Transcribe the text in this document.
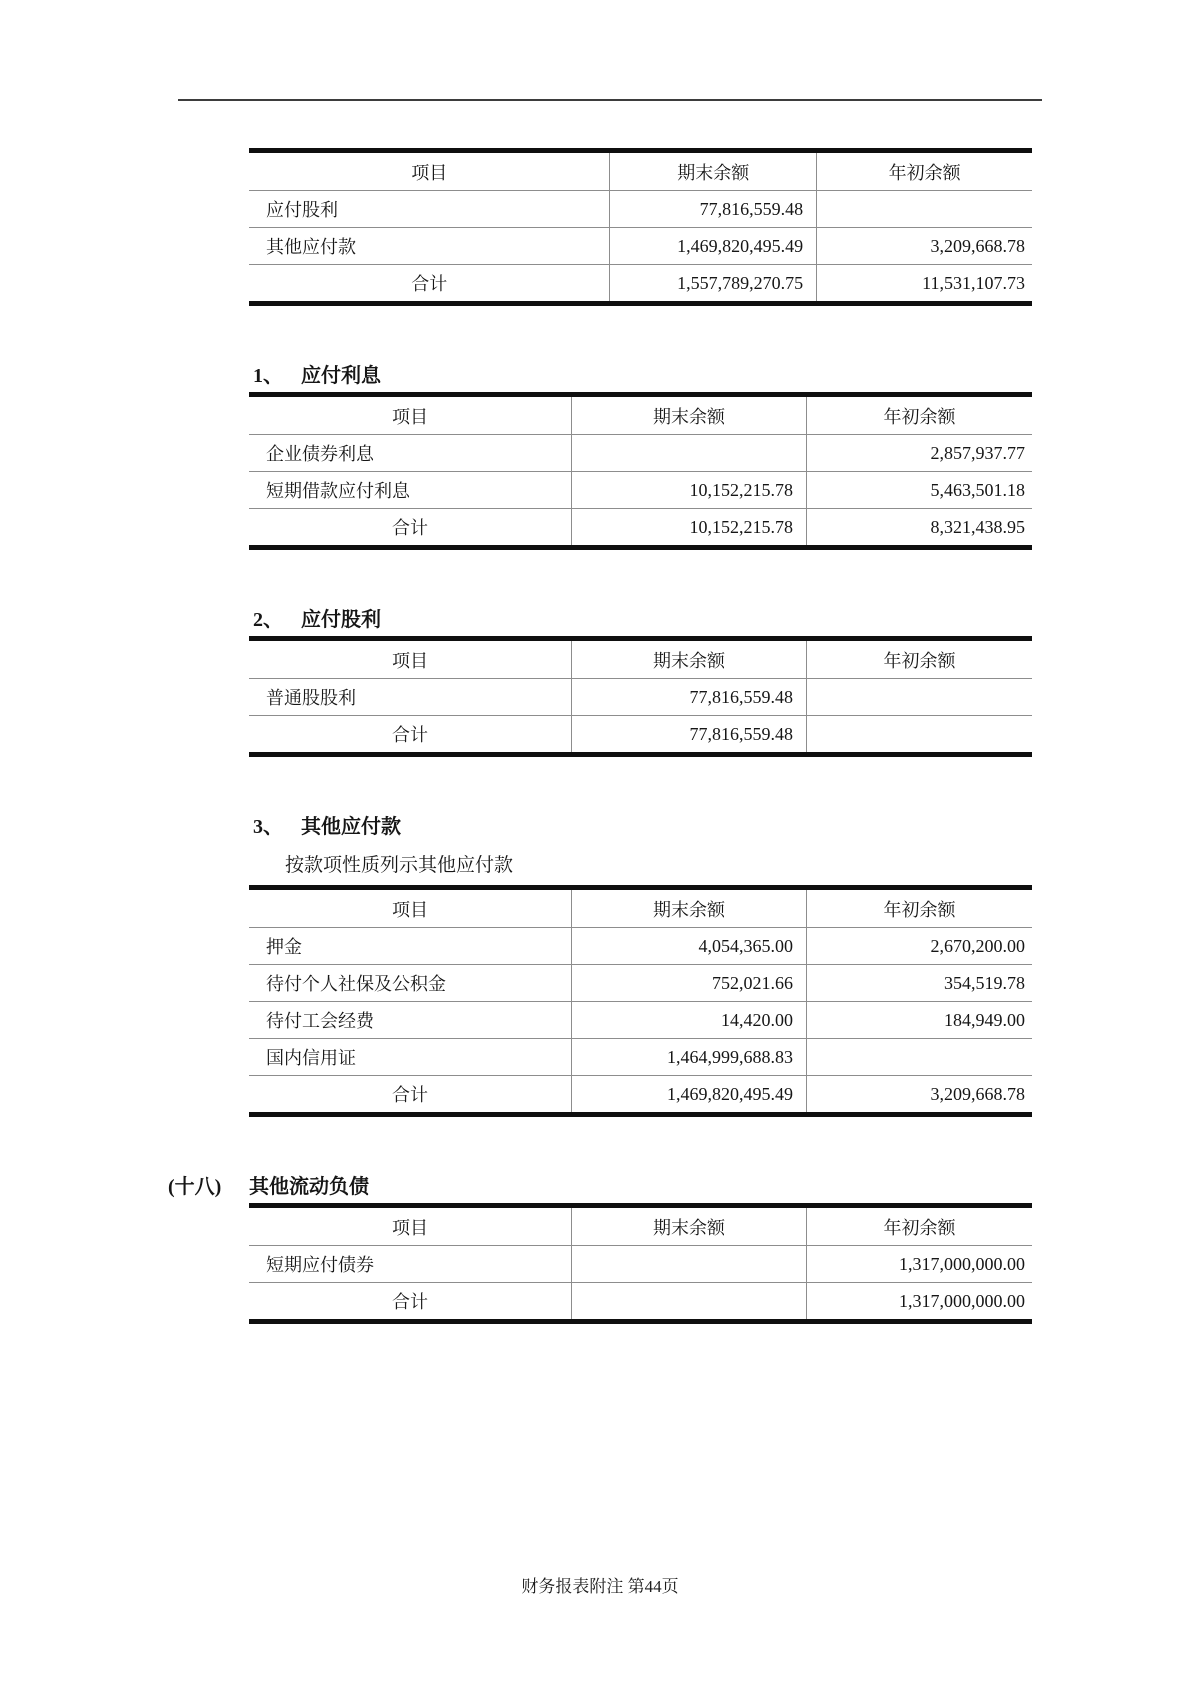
项目	期末余额	年初余额
应付股利	77,816,559.48	
其他应付款	1,469,820,495.49	3,209,668.78
合计	1,557,789,270.75	11,531,107.73
1、 应付利息
项目	期末余额	年初余额
企业债券利息		2,857,937.77
短期借款应付利息	10,152,215.78	5,463,501.18
合计	10,152,215.78	8,321,438.95
2、 应付股利
项目	期末余额	年初余额
普通股股利	77,816,559.48	
合计	77,816,559.48	
3、 其他应付款
按款项性质列示其他应付款
项目	期末余额	年初余额
押金	4,054,365.00	2,670,200.00
待付个人社保及公积金	752,021.66	354,519.78
待付工会经费	14,420.00	184,949.00
国内信用证	1,464,999,688.83	
合计	1,469,820,495.49	3,209,668.78
(十八)	其他流动负债
项目	期末余额	年初余额
短期应付债券		1,317,000,000.00
合计		1,317,000,000.00
财务报表附注 第44页
